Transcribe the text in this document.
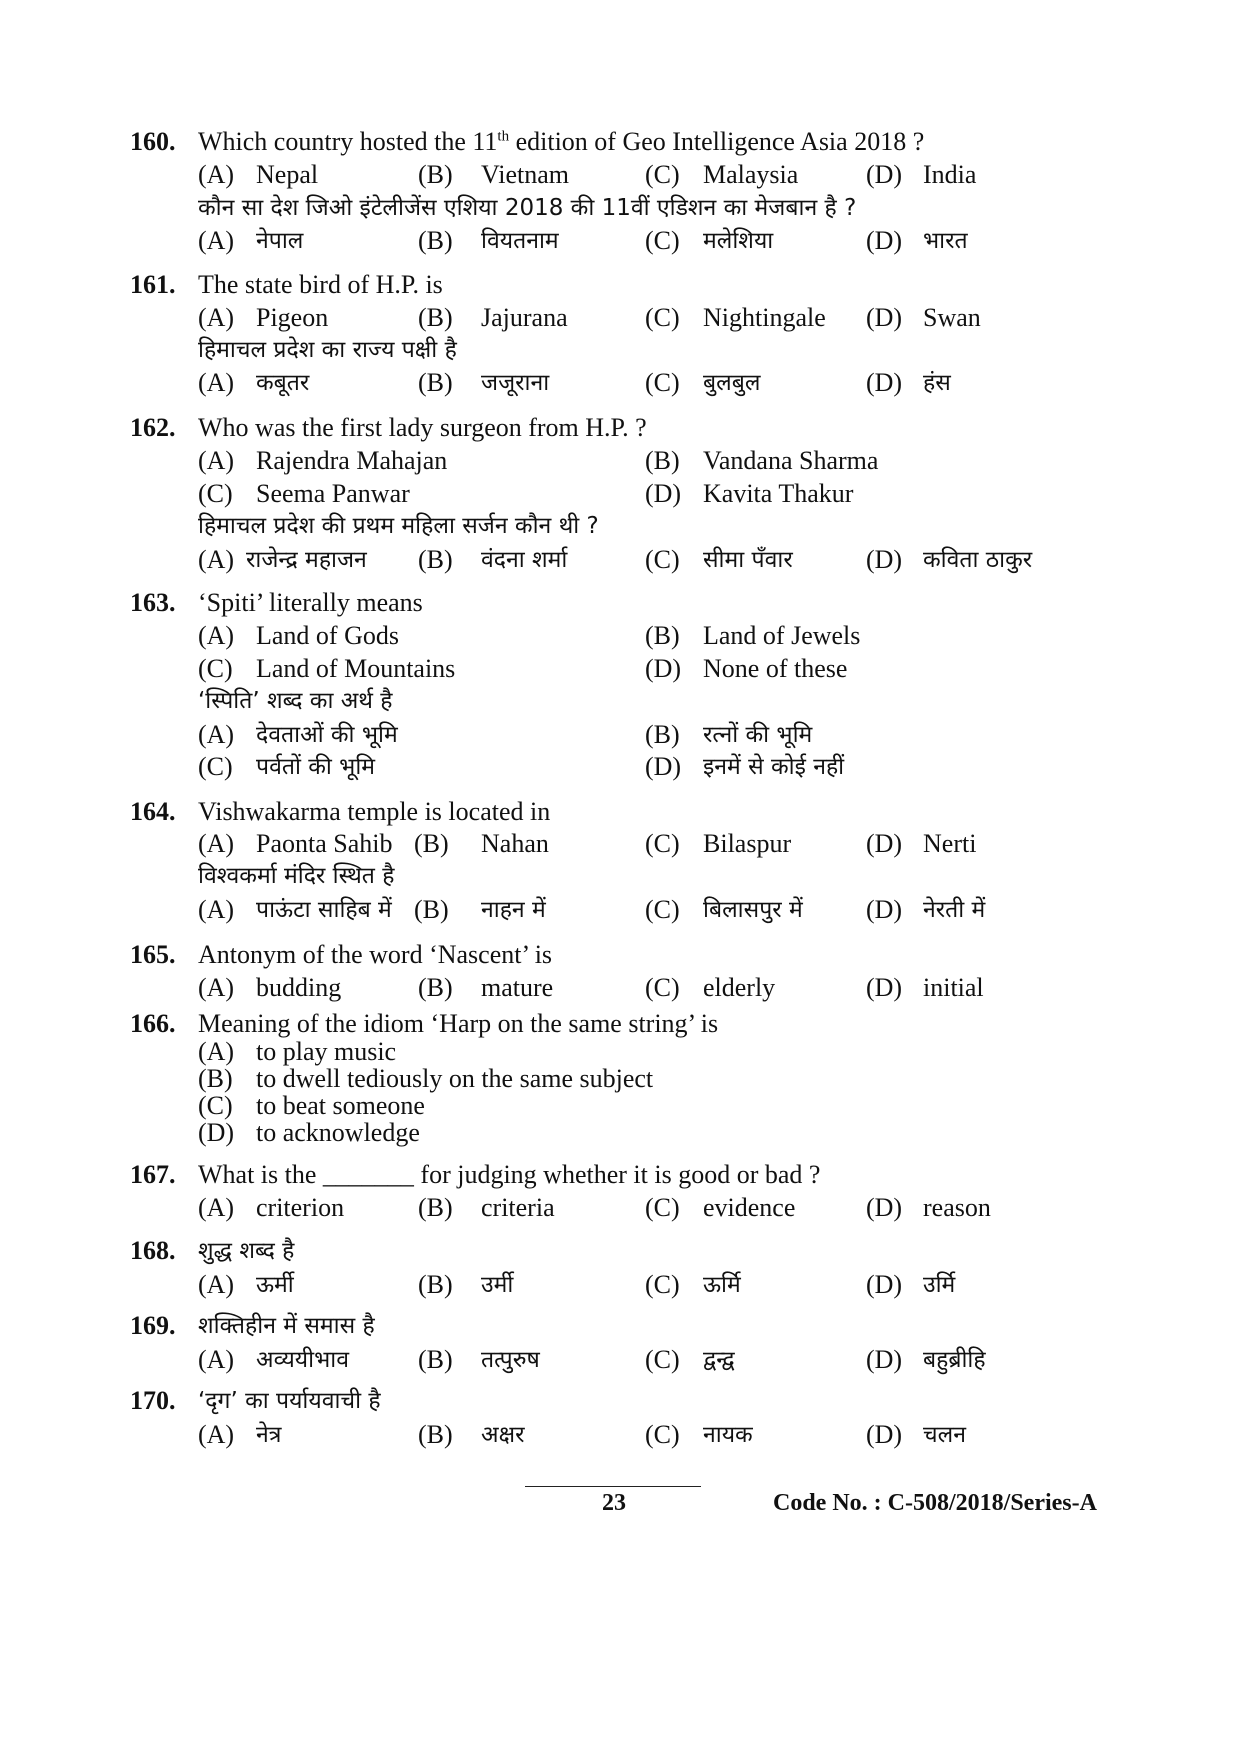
160. Which country hosted the 11th edition of Geo Intelligence Asia 2018 ?
(A) Nepal	(B) Vietnam	(C) Malaysia	(D) India
कौन सा देश जिओ इंटेलीजेंस एशिया 2018 की 11वीं एडिशन का मेजबान है ?
(A) नेपाल	(B) वियतनाम	(C) मलेशिया	(D) भारत
161. The state bird of H.P. is
(A) Pigeon	(B) Jajurana	(C) Nightingale (D) Swan
हिमाचल प्रदेश का राज्य पक्षी है
(A) कबूतर	(B) जजूराना	(C) बुलबुल	(D) हंस
162. Who was the first lady surgeon from H.P. ?
(A) Rajendra Mahajan	(B) Vandana Sharma
(C) Seema Panwar	(D) Kavita Thakur
हिमाचल प्रदेश की प्रथम महिला सर्जन कौन थी ?
(A) राजेन्द्र महाजन (B) वंदना शर्मा	(C) सीमा पँवार	(D) कविता ठाकुर
163. ‘Spiti’ literally means
(A) Land of Gods	(B) Land of Jewels
(C) Land of Mountains	(D) None of these
‘स्पिति’ शब्द का अर्थ है
(A) देवताओं की भूमि	(B) रत्नों की भूमि
(C) पर्वतों की भूमि	(D) इनमें से कोई नहीं
164. Vishwakarma temple is located in
(A) Paonta Sahib (B) Nahan	(C) Bilaspur	(D) Nerti
विश्वकर्मा मंदिर स्थित है
(A) पाऊंटा साहिब में (B) नाहन में	(C) बिलासपुर में (D) नेरती में
165. Antonym of the word ‘Nascent’ is
(A) budding	(B) mature	(C) elderly	(D) initial
166. Meaning of the idiom ‘Harp on the same string’ is
(A) to play music
(B) to dwell tediously on the same subject
(C) to beat someone
(D) to acknowledge
167. What is the _______ for judging whether it is good or bad ?
(A) criterion	(B) criteria	(C) evidence	(D) reason
168. शुद्ध शब्द है
(A) ऊर्मी	(B) उर्मी	(C) ऊर्मि	(D) उर्मि
169. शक्तिहीन में समास है
(A) अव्ययीभाव	(B) तत्पुरुष	(C) द्वन्द्व	(D) बहुब्रीहि
170. ‘दृग’ का पर्यायवाची है
(A) नेत्र	(B) अक्षर	(C) नायक	(D) चलन
23	Code No. : C-508/2018/Series-A
